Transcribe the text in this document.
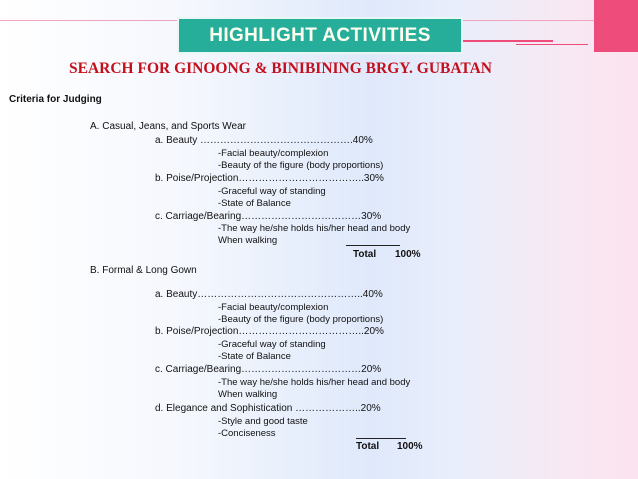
HIGHLIGHT ACTIVITIES
SEARCH FOR GINOONG & BINIBINING BRGY. GUBATAN
Criteria for Judging
A. Casual, Jeans, and Sports Wear
a. Beauty ……………………………………….40%
-Facial beauty/complexion
-Beauty of the figure (body proportions)
b. Poise/Projection………………………………..30%
-Graceful way of standing
-State of Balance
c. Carriage/Bearing………………………………30%
-The way he/she holds his/her head and body
When walking
Total 100%
B. Formal & Long Gown
a. Beauty…………………………………………..40%
-Facial beauty/complexion
-Beauty of the figure (body proportions)
b. Poise/Projection………………………………..20%
-Graceful way of standing
-State of Balance
c. Carriage/Bearing………………………………20%
-The way he/she holds his/her head and body
When walking
d. Elegance and Sophistication ………………..20%
-Style and good taste
-Conciseness
Total 100%
